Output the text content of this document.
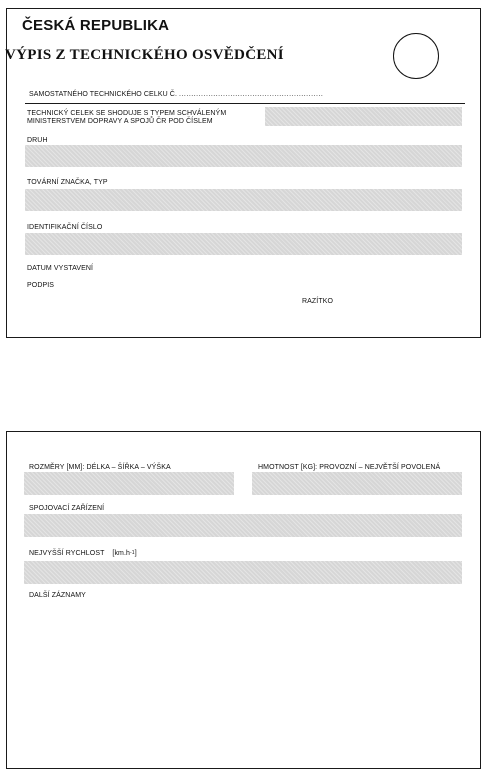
ČESKÁ REPUBLIKA
VÝPIS Z TECHNICKÉHO OSVĚDČENÍ
SAMOSTATNÉHO TECHNICKÉHO CELKU Č. ...........................................................
TECHNICKÝ CELEK SE SHODUJE S TYPEM SCHVÁLENÝM
MINISTERSTVEM DOPRAVY A SPOJŮ ČR POD ČÍSLEM
DRUH
TOVÁRNÍ ZNAČKA, TYP
IDENTIFIKAČNÍ ČÍSLO
DATUM VYSTAVENÍ
PODPIS
RAZÍTKO
ROZMĚRY [MM]: DÉLKA – ŠÍŘKA – VÝŠKA	HMOTNOST [KG]: PROVOZNÍ – NEJVĚTŠÍ POVOLENÁ
SPOJOVACÍ ZAŘÍZENÍ
NEJVYŠŠÍ RYCHLOST $[km.h^{-1}]$
DALŠÍ ZÁZNAMY
